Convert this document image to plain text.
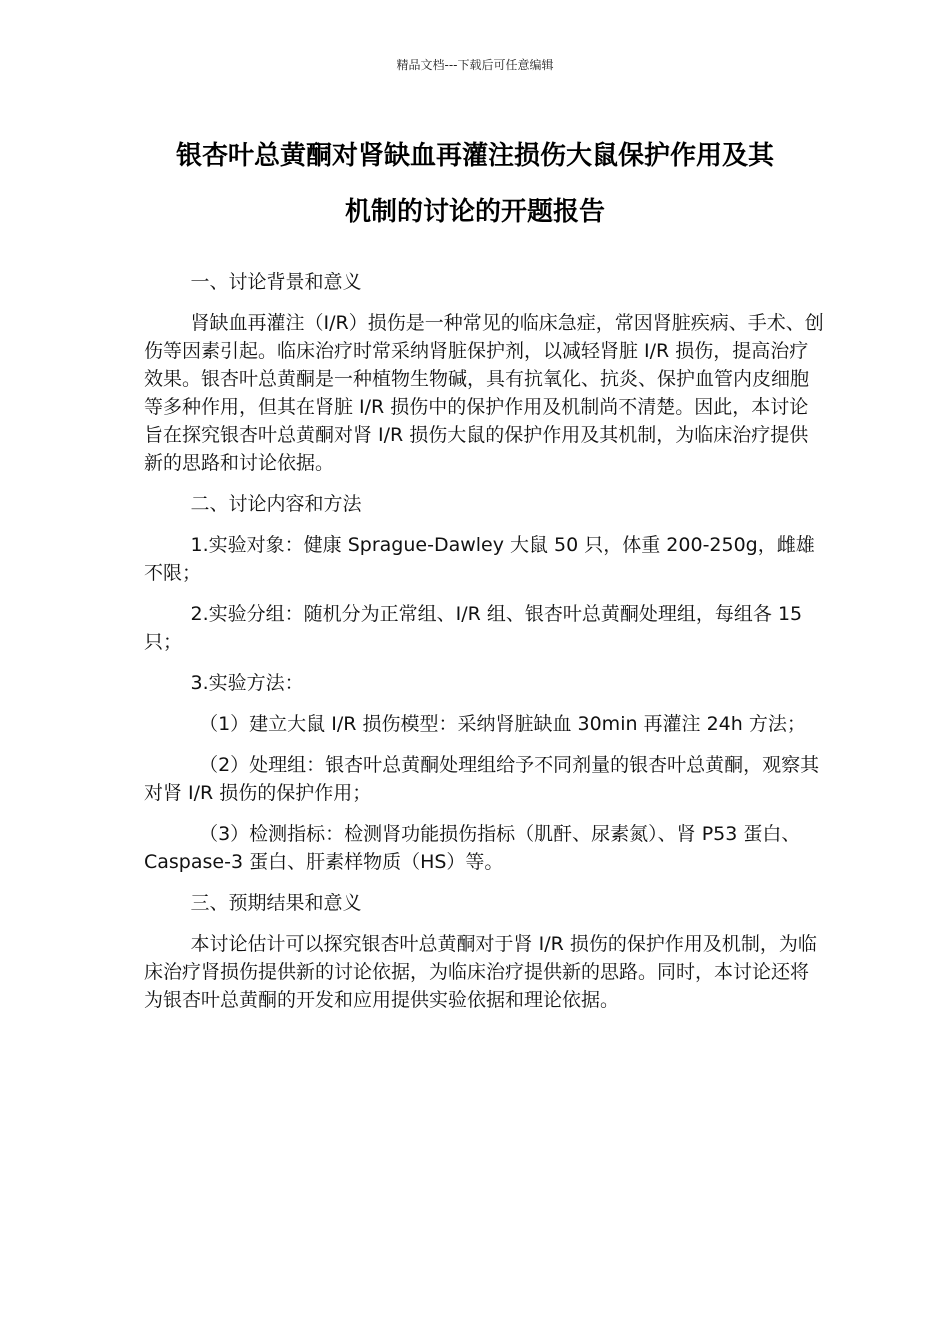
精品文档---下载后可任意编辑
银杏叶总黄酮对肾缺血再灌注损伤大鼠保护作用及其
机制的讨论的开题报告

一、讨论背景和意义

肾缺血再灌注（I/R）损伤是一种常见的临床急症，常因肾脏疾病、手术、创伤等因素引起。临床治疗时常采纳肾脏保护剂，以减轻肾脏 I/R 损伤，提高治疗效果。银杏叶总黄酮是一种植物生物碱，具有抗氧化、抗炎、保护血管内皮细胞等多种作用，但其在肾脏 I/R 损伤中的保护作用及机制尚不清楚。因此，本讨论旨在探究银杏叶总黄酮对肾 I/R 损伤大鼠的保护作用及其机制，为临床治疗提供新的思路和讨论依据。

二、讨论内容和方法

1.实验对象：健康 Sprague-Dawley 大鼠 50 只，体重 200-250g，雌雄不限；

2.实验分组：随机分为正常组、I/R 组、银杏叶总黄酮处理组，每组各 15 只；

3.实验方法：

（1）建立大鼠 I/R 损伤模型：采纳肾脏缺血 30min 再灌注 24h 方法；

（2）处理组：银杏叶总黄酮处理组给予不同剂量的银杏叶总黄酮，观察其对肾 I/R 损伤的保护作用；

（3）检测指标：检测肾功能损伤指标（肌酐、尿素氮）、肾 P53 蛋白、Caspase-3 蛋白、肝素样物质（HS）等。

三、预期结果和意义

本讨论估计可以探究银杏叶总黄酮对于肾 I/R 损伤的保护作用及机制，为临床治疗肾损伤提供新的讨论依据，为临床治疗提供新的思路。同时，本讨论还将为银杏叶总黄酮的开发和应用提供实验依据和理论依据。
